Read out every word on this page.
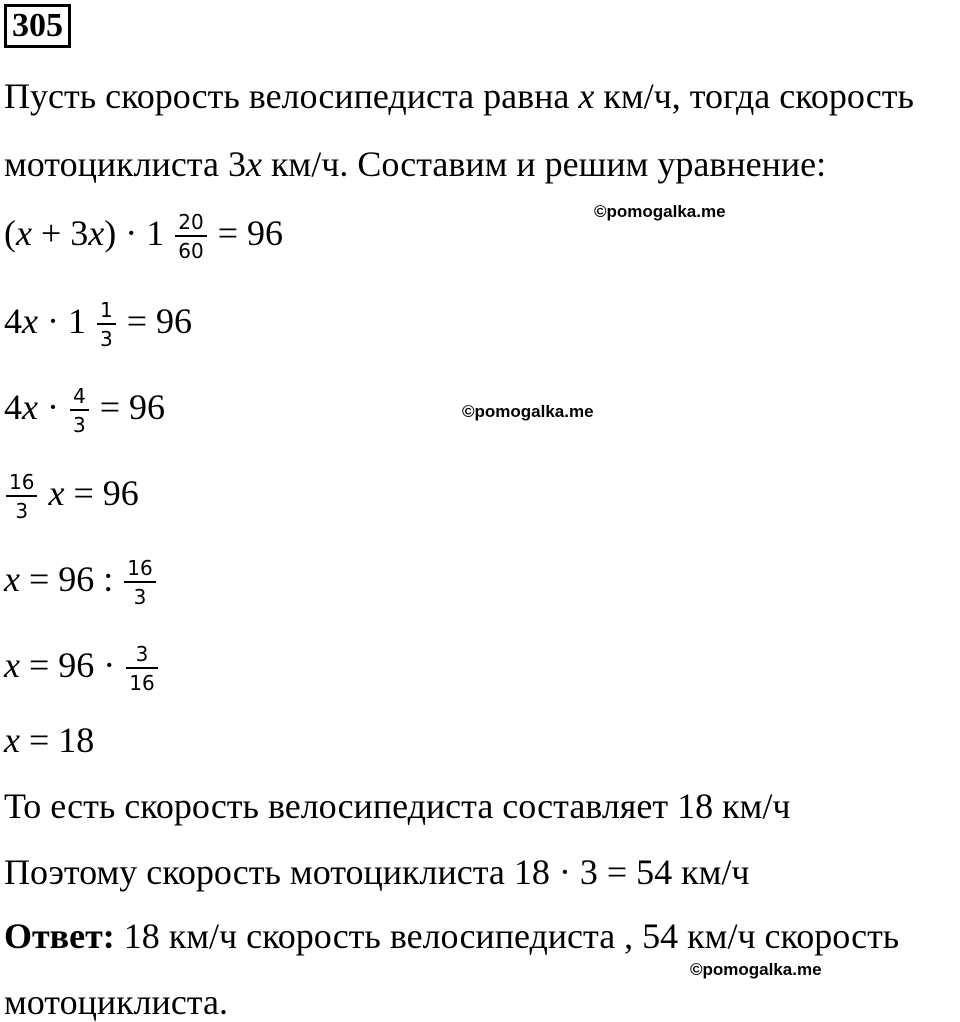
305
Пусть скорость велосипедиста равна x км/ч, тогда скорость
мотоциклиста 3x км/ч. Составим и решим уравнение:
$(x + 3x) \cdot 1 \frac{20}{60} = 96$
$4x \cdot 1 \frac{1}{3} = 96$
$4x \cdot \frac{4}{3} = 96$
$\frac{16}{3}$ x = 96
x = 96 : $\frac{16}{3}$
$x = 96 \cdot \frac{3}{16}$
x = 18
То есть скорость велосипедиста составляет 18 км/ч
Поэтому скорость мотоциклиста 18 · 3 = 54 км/ч
Ответ: 18 км/ч скорость велосипедиста , 54 км/ч скорость
мотоциклиста.
©pomogalka.me
©pomogalka.me
©pomogalka.me
